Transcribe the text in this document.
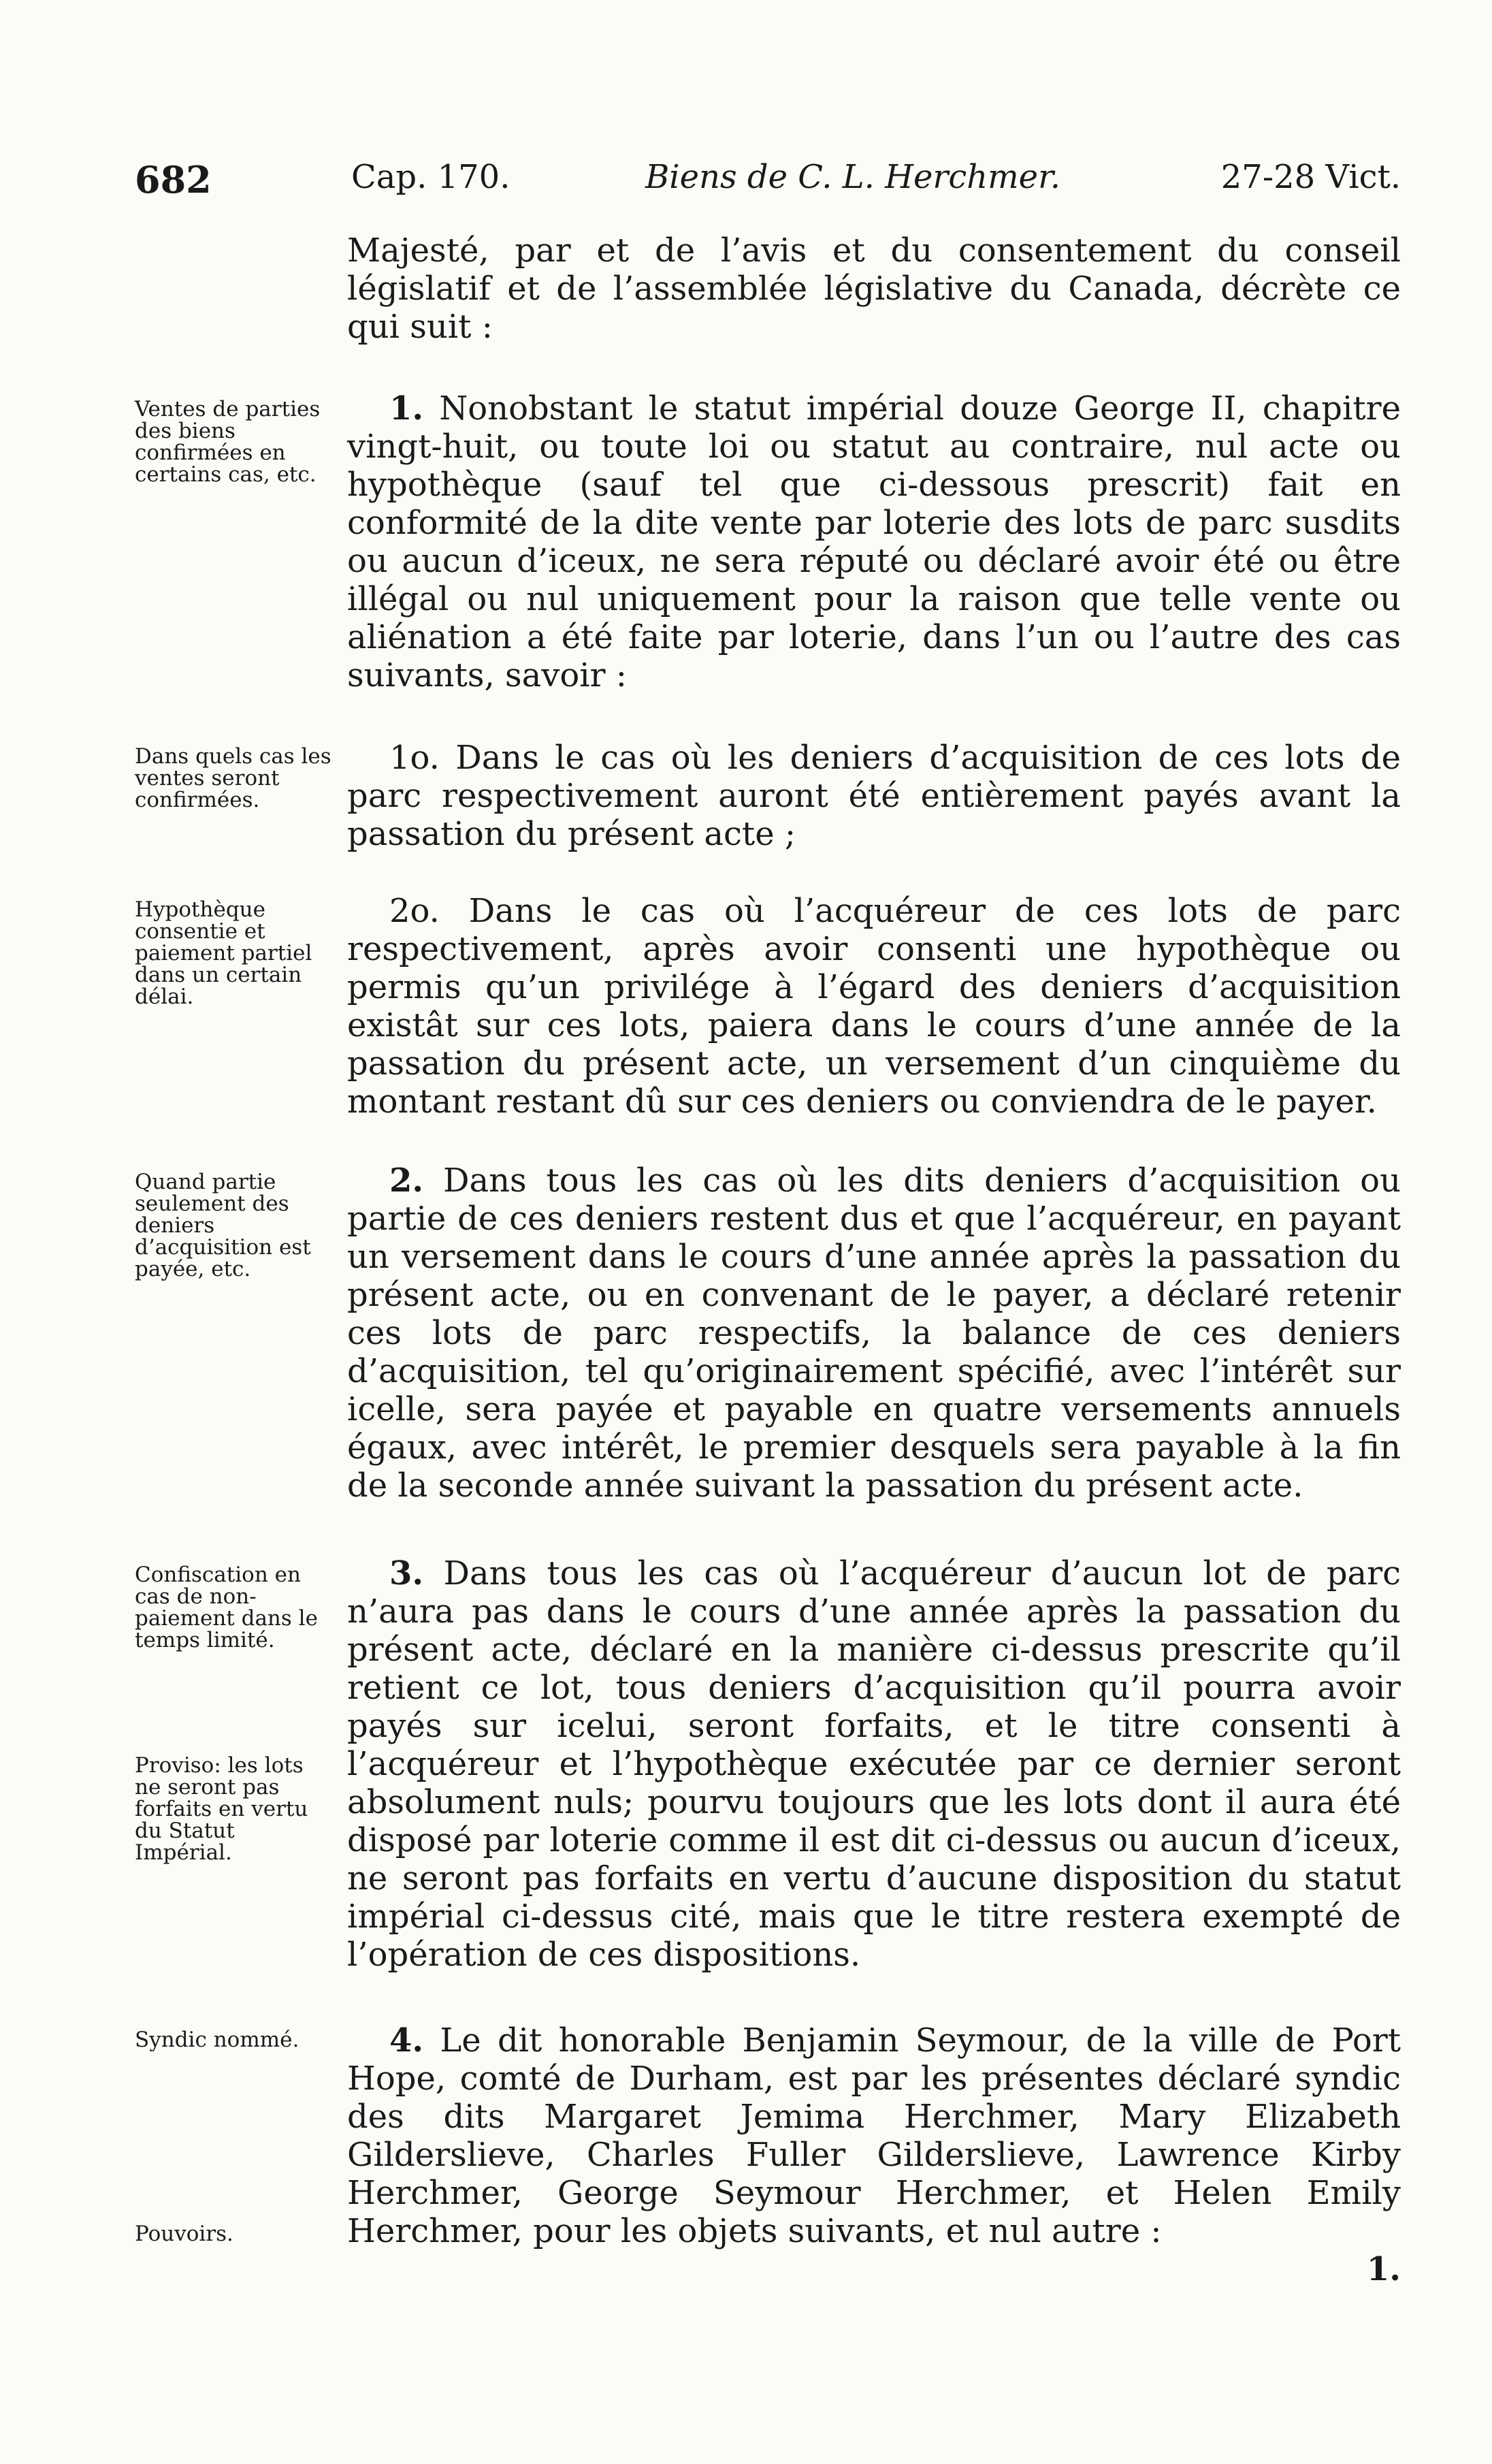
682	Cap. 170.	Biens de C. L. Herchmer.	27-28 Vict.
Majesté, par et de l’avis et du consentement du conseil législatif et de l’assemblée législative du Canada, décrète ce qui suit :
1. Nonobstant le statut impérial douze George II, chapitre vingt-huit, ou toute loi ou statut au contraire, nul acte ou hypothèque (sauf tel que ci-dessous prescrit) fait en conformité de la dite vente par loterie des lots de parc susdits ou aucun d’iceux, ne sera réputé ou déclaré avoir été ou être illégal ou nul uniquement pour la raison que telle vente ou aliénation a été faite par loterie, dans l’un ou l’autre des cas suivants, savoir :
1o. Dans le cas où les deniers d’acquisition de ces lots de parc respectivement auront été entièrement payés avant la passation du présent acte ;
2o. Dans le cas où l’acquéreur de ces lots de parc respectivement, après avoir consenti une hypothèque ou permis qu’un privilége à l’égard des deniers d’acquisition existât sur ces lots, paiera dans le cours d’une année de la passation du présent acte, un versement d’un cinquième du montant restant dû sur ces deniers ou conviendra de le payer.
2. Dans tous les cas où les dits deniers d’acquisition ou partie de ces deniers restent dus et que l’acquéreur, en payant un versement dans le cours d’une année après la passation du présent acte, ou en convenant de le payer, a déclaré retenir ces lots de parc respectifs, la balance de ces deniers d’acquisition, tel qu’originairement spécifié, avec l’intérêt sur icelle, sera payée et payable en quatre versements annuels égaux, avec intérêt, le premier desquels sera payable à la fin de la seconde année suivant la passation du présent acte.
3. Dans tous les cas où l’acquéreur d’aucun lot de parc n’aura pas dans le cours d’une année après la passation du présent acte, déclaré en la manière ci-dessus prescrite qu’il retient ce lot, tous deniers d’acquisition qu’il pourra avoir payés sur icelui, seront forfaits, et le titre consenti à l’acquéreur et l’hypothèque exécutée par ce dernier seront absolument nuls; pourvu toujours que les lots dont il aura été disposé par loterie comme il est dit ci-dessus ou aucun d’iceux, ne seront pas forfaits en vertu d’aucune disposition du statut impérial ci-dessus cité, mais que le titre restera exempté de l’opération de ces dispositions.
4. Le dit honorable Benjamin Seymour, de la ville de Port Hope, comté de Durham, est par les présentes déclaré syndic des dits Margaret Jemima Herchmer, Mary Elizabeth Gilderslieve, Charles Fuller Gilderslieve, Lawrence Kirby Herchmer, George Seymour Herchmer, et Helen Emily Herchmer, pour les objets suivants, et nul autre :
Ventes de parties des biens confirmées en certains cas, etc.
Dans quels cas les ventes seront confirmées.
Hypothèque consentie et paiement partiel dans un certain délai.
Quand partie seulement des deniers d’acquisition est payée, etc.
Confiscation en cas de non-paiement dans le temps limité.
Proviso: les lots ne seront pas forfaits en vertu du Statut Impérial.
Syndic nommé.
Pouvoirs.
1.
